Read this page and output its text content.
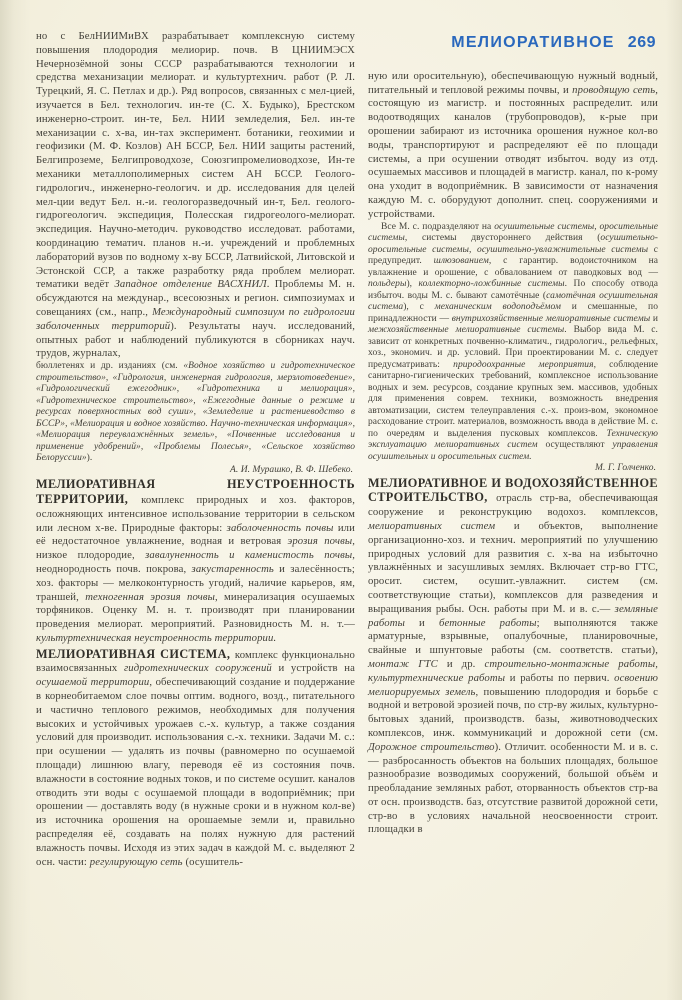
но с БелНИИМиВХ разрабатывает комплексную систему повышения плодородия мелиорир. почв. В ЦНИИМЭСХ Нечернозёмной зоны СССР разрабатываются технологии и средства механизации мелиорат. и культуртехнич. работ (Р. Л. Турецкий, Я. С. Петлах и др.). Ряд вопросов, связанных с мел-цией, изучается в Бел. технологич. ин-те (С. Х. Будыко), Брестском инженерно-строит. ин-те, Бел. НИИ земледелия, Бел. ин-те механизации с. х-ва, ин-тах эксперимент. ботаники, геохимии и геофизики (М. Ф. Козлов) АН БССР, Бел. НИИ защиты растений, Белгипроземе, Белгипроводхозе, Союзгипромелиоводхозе, Ин-те механики металлополимерных систем АН БССР. Геолого-гидрологич., инженерно-геологич. и др. исследования для целей мел-ции ведут Бел. н.-и. геологоразведочный ин-т, Бел. геолого-гидрогеологич. экспедиция, Полесская гидрогеолого-мелиорат. экспедиция. Научно-методич. руководство исследоват. работами, координацию тематич. планов н.-и. учреждений и проблемных лабораторий вузов по водному х-ву БССР, Латвийской, Литовской и Эстонской ССР, а также разработку ряда проблем мелиорат. тематики ведёт Западное отделение ВАСХНИЛ. Проблемы М. н. обсуждаются на междунар., всесоюзных и регион. симпозиумах и совещаниях (см., напр., Международный симпозиум по гидрологии заболоченных территорий). Результаты науч. исследований, опытных работ и наблюдений публикуются в сборниках науч. трудов, журналах,

бюллетенях и др. изданиях (см. «Водное хозяйство и гидротехническое строительство», «Гидрология, инженерная гидрология, мерзлотоведение», «Гидрологический ежегодник», «Гидротехника и мелиорация», «Гидротехническое строительство», «Ежегодные данные о режиме и ресурсах поверхностных вод суши», «Земледелие и растениеводство в БССР», «Мелиорация и водное хозяйство. Научно-техническая информация», «Мелиорация переувлажнённых земель», «Почвенные исследования и применение удобрений», «Проблемы Полесья», «Сельское хозяйство Белоруссии»).
А. И. Мурашко, В. Ф. Шебеко.

МЕЛИОРАТИВНАЯ НЕУСТРОЕННОСТЬ ТЕРРИТОРИИ, комплекс природных и хоз. факторов, осложняющих интенсивное использование территории в сельском или лесном х-ве. Природные факторы: заболоченность почвы или её недостаточное увлажнение, водная и ветровая эрозия почвы, низкое плодородие, завалуненность и каменистость почвы, неоднородность почв. покрова, закустаренность и залесённость; хоз. факторы — мелкоконтурность угодий, наличие карьеров, ям, траншей, техногенная эрозия почвы, минерализация осушаемых торфяников. Оценку М. н. т. производят при планировании проведения мелиорат. мероприятий. Разновидность М. н. т.— культуртехническая неустроенность территории.

МЕЛИОРАТИВНАЯ СИСТЕМА, комплекс функционально взаимосвязанных гидротехнических сооружений и устройств на осушаемой территории, обеспечивающий создание и поддержание в корнеобитаемом слое почвы оптим. водного, возд., питательного и частично теплового режимов, необходимых для получения высоких и устойчивых урожаев с.-х. культур, а также создания условий для производит. использования с.-х. техники. Задачи М. с.: при осушении — удалять из почвы (равномерно по осушаемой площади) лишнюю влагу, переводя её из состояния почв. влажности в состояние водных токов, и по системе осушит. каналов отводить эти воды с осушаемой площади в водоприёмник; при орошении — доставлять воду (в нужные сроки и в нужном кол-ве) из источника орошения на орошаемые земли и, правильно распределяя её, создавать на полях нужную для растений влажность почвы. Исходя из этих задач в каждой М. с. выделяют 2 осн. части: регулирующую сеть (осушитель-

МЕЛИОРАТИВНОЕ 269

ную или оросительную), обеспечивающую нужный водный, питательный и тепловой режимы почвы, и проводящую сеть, состоящую из магистр. и постоянных распределит. или водоотводящих каналов (трубопроводов), к-рые при орошении забирают из источника орошения нужное кол-во воды, транспортируют и распределяют её по площади системы, а при осушении отводят избыточ. воду из отд. осушаемых массивов и площадей в магистр. канал, по к-рому она уходит в водоприёмник. В зависимости от назначения каждую М. с. оборудуют дополнит. спец. сооружениями и устройствами.

Все М. с. подразделяют на осушительные системы, оросительные системы, системы двустороннего действия (осушительно-оросительные системы, осушительно-увлажнительные системы с предупредит. шлюзованием, с гарантир. водоисточником на увлажнение и орошение, с обвалованием от паводковых вод — польдеры), коллекторно-ложбинные системы. По способу отвода избыточ. воды М. с. бывают самотёчные (самотёчная осушительная система), с механическим водоподъёмом и смешанные, по принадлежности — внутрихозяйственные мелиоративные системы и межхозяйственные мелиоративные системы. Выбор вида М. с. зависит от конкретных почвенно-климатич., гидрологич., рельефных, хоз., экономич. и др. условий. При проектировании М. с. следует предусматривать: природоохранные мероприятия, соблюдение санитарно-гигиенических требований, комплексное использование водных и зем. ресурсов, создание крупных зем. массивов, удобных для применения соврем. техники, возможность внедрения автоматизации, систем телеуправления с.-х. произ-вом, экономное расходование строит. материалов, возможность ввода в действие М. с. по очередям и выделения пусковых комплексов. Техническую эксплуатацию мелиоративных систем осуществляют управления осушительных и оросительных систем.
М. Г. Голченко.

МЕЛИОРАТИВНОЕ И ВОДОХОЗЯЙСТВЕННОЕ СТРОИТЕЛЬСТВО, отрасль стр-ва, обеспечивающая сооружение и реконструкцию водохоз. комплексов, мелиоративных систем и объектов, выполнение организационно-хоз. и технич. мероприятий по улучшению природных условий для развития с. х-ва на избыточно увлажнённых и засушливых землях. Включает стр-во ГТС, оросит. систем, осушит.-увлажнит. систем (см. соответствующие статьи), комплексов для разведения и выращивания рыбы. Осн. работы при М. и в. с.— земляные работы и бетонные работы; выполняются также арматурные, взрывные, опалубочные, планировочные, свайные и шпунтовые работы (см. соответств. статьи), монтаж ГТС и др. строительно-монтажные работы, культуртехнические работы и работы по первич. освоению мелиорируемых земель, повышению плодородия и борьбе с водной и ветровой эрозией почв, по стр-ву жилых, культурно-бытовых зданий, производств. базы, животноводческих комплексов, инж. коммуникаций и дорожной сети (см. Дорожное строительство). Отличит. особенности М. и в. с.— разбросанность объектов на больших площадях, большое разнообразие возводимых сооружений, большой объём и преобладание земляных работ, оторванность объектов стр-ва от осн. производств. баз, отсутствие развитой дорожной сети, стр-во в условиях начальной неосвоенности строит. площадки в
